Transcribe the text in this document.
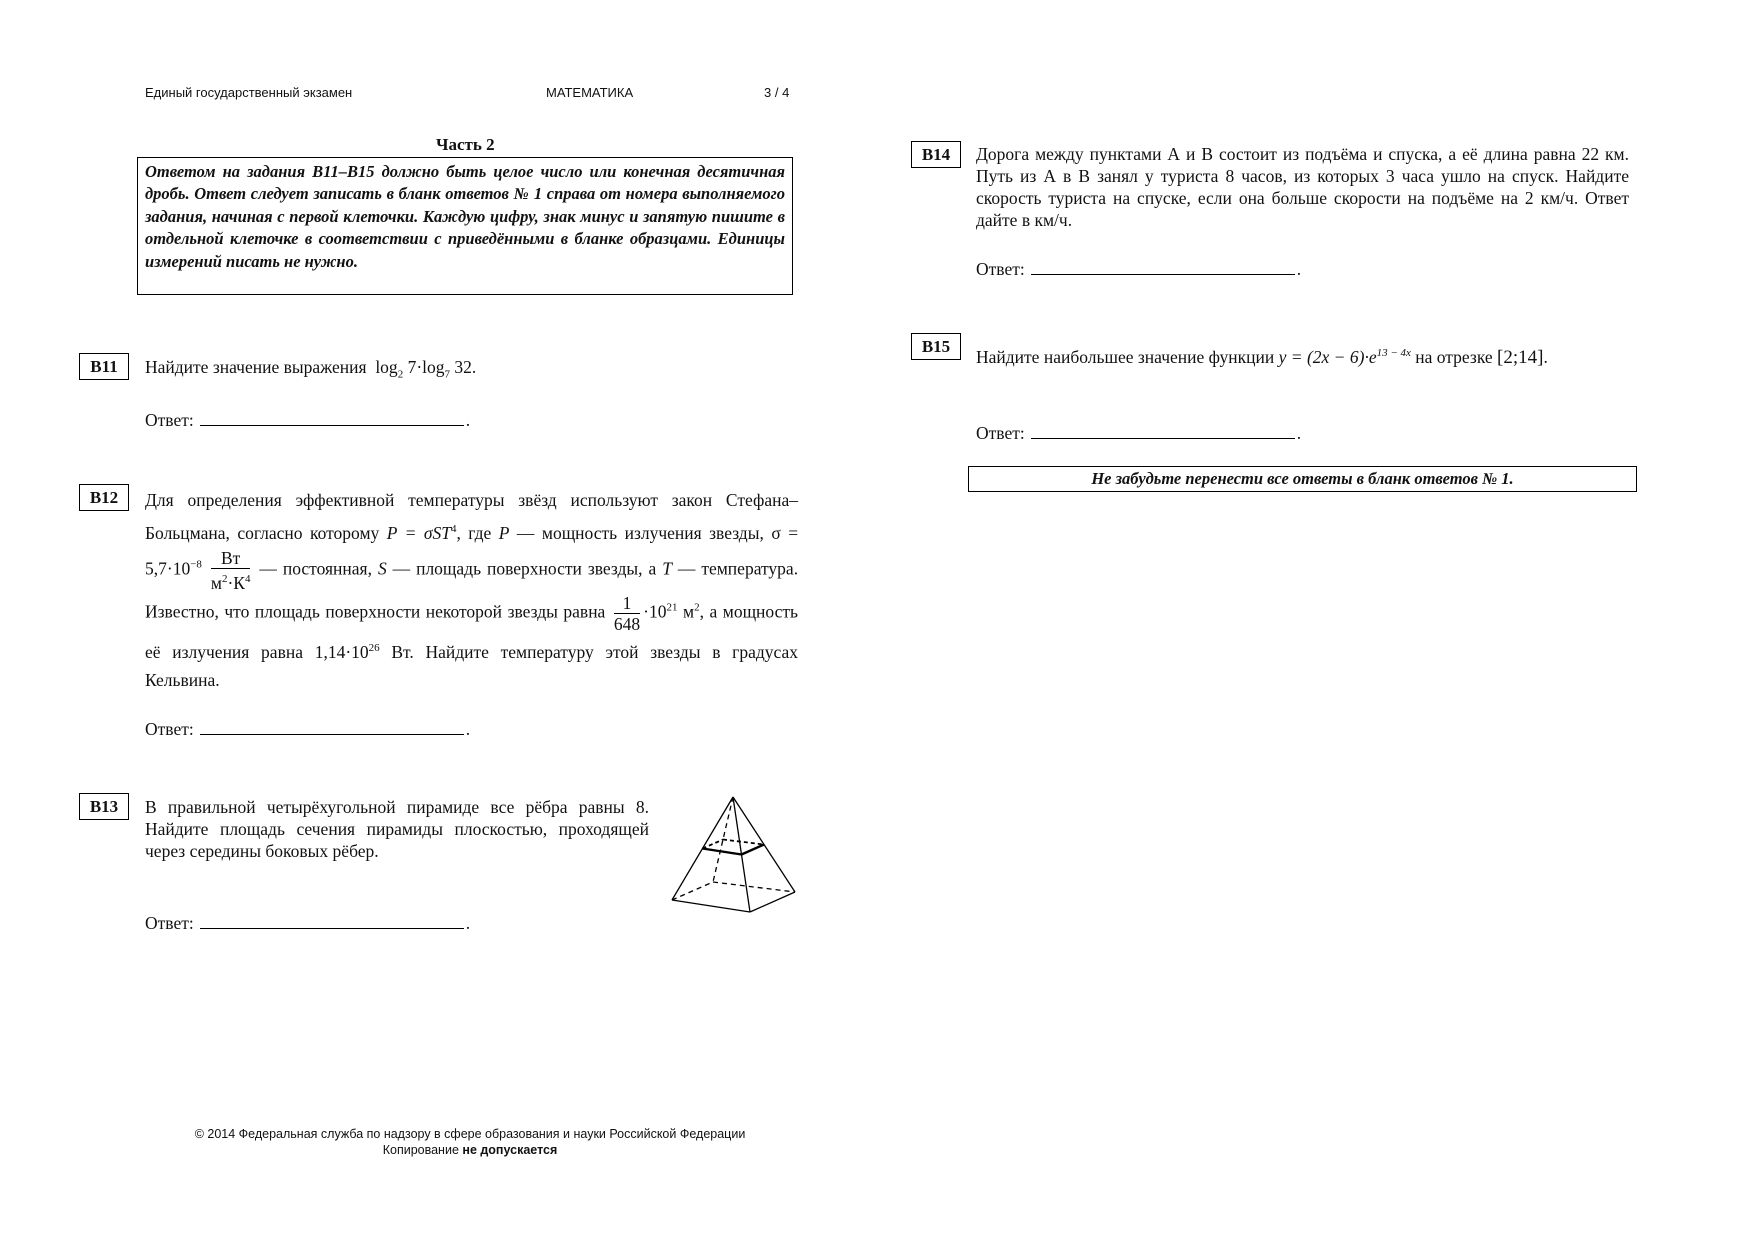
Единый государственный экзамен	МАТЕМАТИКА	3 / 4
Часть 2
Ответом на задания B11–B15 должно быть целое число или конечная десятичная дробь. Ответ следует записать в бланк ответов № 1 справа от номера выполняемого задания, начиная с первой клеточки. Каждую цифру, знак минус и запятую пишите в отдельной клеточке в соответствии с приведёнными в бланке образцами. Единицы измерений писать не нужно.
B11	Найдите значение выражения $\log_2 7\cdot\log_7$ 32.
Ответ:	.
B12	Для определения эффективной температуры звёзд используют закон Стефана–Больцмана, согласно которому P = σST$^4$, где P — мощность излучения звезды, $\sigma = 5,7\cdot 10^{-8} \frac{Вт}{м^2\cdot К^4}$ — постоянная, S — площадь поверхности звезды, а T — температура. Известно, что площадь поверхности некоторой звезды равна $\frac{1}{648} \cdot 10^{21}$ $м^2$, а мощность её излучения равна $1,14\cdot 10^{26}$ Вт. Найдите температуру этой звезды в градусах Кельвина.
Ответ:	.
B13	В правильной четырёхугольной пирамиде все рёбра равны 8. Найдите площадь сечения пирамиды плоскостью, проходящей через середины боковых рёбер.
Ответ:	.
B14	Дорога между пунктами А и В состоит из подъёма и спуска, а её длина равна 22 км. Путь из А в В занял у туриста 8 часов, из которых 3 часа ушло на спуск. Найдите скорость туриста на спуске, если она больше скорости на подъёме на 2 км/ч. Ответ дайте в км/ч.
Ответ:	.
B15
Найдите наибольшее значение функции $y = (2x - 6)\cdot e^{13 - 4x}$ на отрезке [2;14].
Ответ:	.
Не забудьте перенести все ответы в бланк ответов № 1.
© 2014 Федеральная служба по надзору в сфере образования и науки Российской Федерации
Копирование не допускается
